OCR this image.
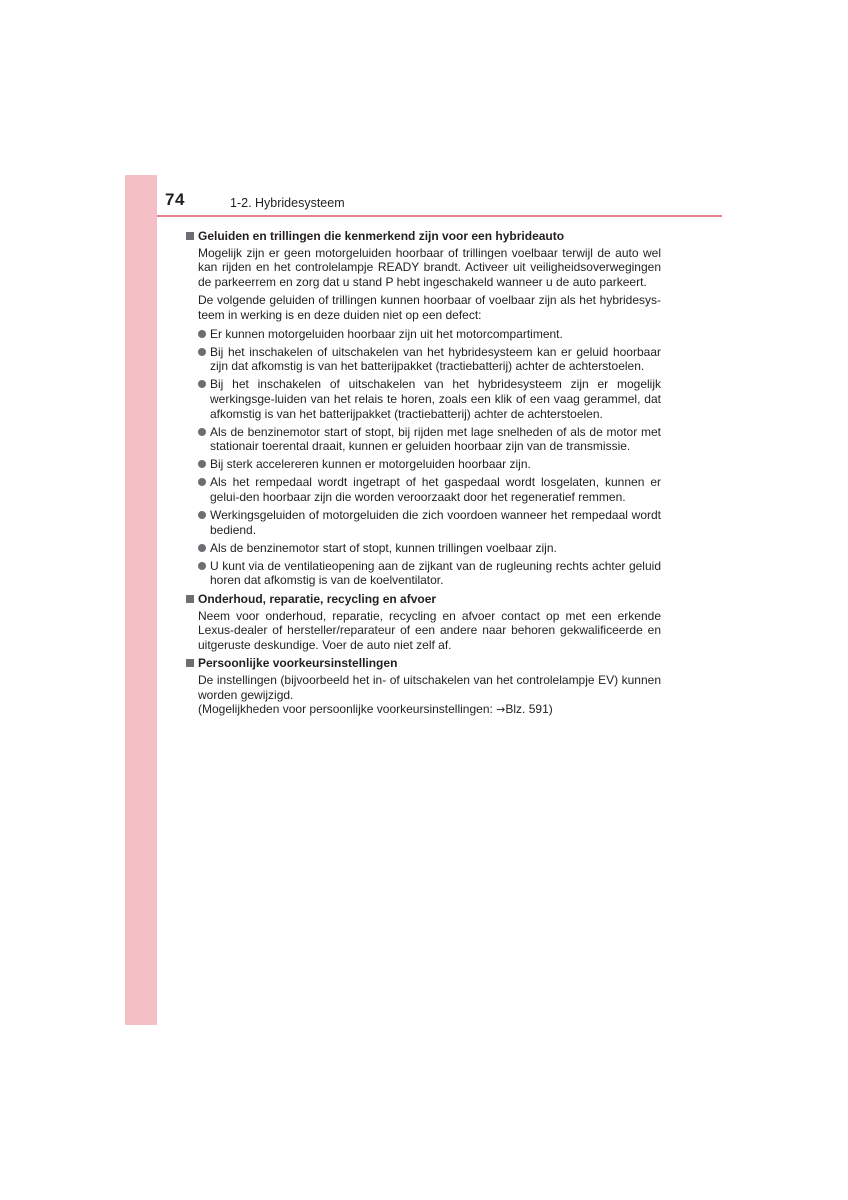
74	1-2. Hybridesysteem
Geluiden en trillingen die kenmerkend zijn voor een hybrideauto
Mogelijk zijn er geen motorgeluiden hoorbaar of trillingen voelbaar terwijl de auto wel kan rijden en het controlelampje READY brandt. Activeer uit veiligheidsoverwegingen de parkeerrem en zorg dat u stand P hebt ingeschakeld wanneer u de auto parkeert.
De volgende geluiden of trillingen kunnen hoorbaar of voelbaar zijn als het hybridesys-teem in werking is en deze duiden niet op een defect:
Er kunnen motorgeluiden hoorbaar zijn uit het motorcompartiment.
Bij het inschakelen of uitschakelen van het hybridesysteem kan er geluid hoorbaar zijn dat afkomstig is van het batterijpakket (tractiebatterij) achter de achterstoelen.
Bij het inschakelen of uitschakelen van het hybridesysteem zijn er mogelijk werkingsge-luiden van het relais te horen, zoals een klik of een vaag gerammel, dat afkomstig is van het batterijpakket (tractiebatterij) achter de achterstoelen.
Als de benzinemotor start of stopt, bij rijden met lage snelheden of als de motor met stationair toerental draait, kunnen er geluiden hoorbaar zijn van de transmissie.
Bij sterk accelereren kunnen er motorgeluiden hoorbaar zijn.
Als het rempedaal wordt ingetrapt of het gaspedaal wordt losgelaten, kunnen er gelui-den hoorbaar zijn die worden veroorzaakt door het regeneratief remmen.
Werkingsgeluiden of motorgeluiden die zich voordoen wanneer het rempedaal wordt bediend.
Als de benzinemotor start of stopt, kunnen trillingen voelbaar zijn.
U kunt via de ventilatieopening aan de zijkant van de rugleuning rechts achter geluid horen dat afkomstig is van de koelventilator.
Onderhoud, reparatie, recycling en afvoer
Neem voor onderhoud, reparatie, recycling en afvoer contact op met een erkende Lexus-dealer of hersteller/reparateur of een andere naar behoren gekwalificeerde en uitgeruste deskundige. Voer de auto niet zelf af.
Persoonlijke voorkeursinstellingen
De instellingen (bijvoorbeeld het in- of uitschakelen van het controlelampje EV) kunnen worden gewijzigd.
(Mogelijkheden voor persoonlijke voorkeursinstellingen: →Blz. 591)
